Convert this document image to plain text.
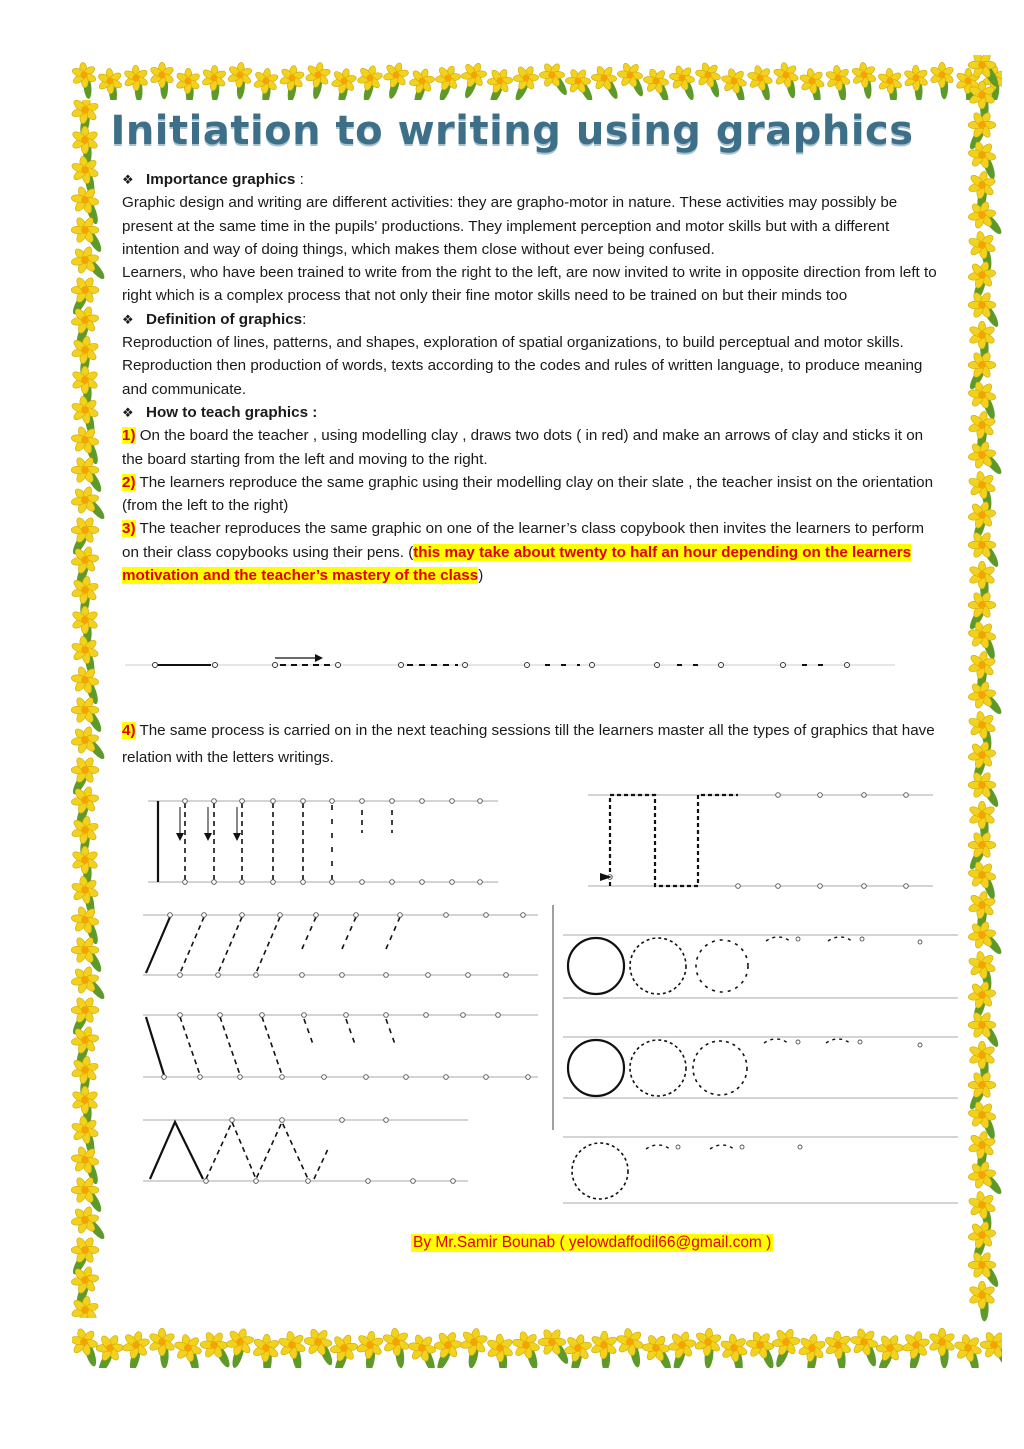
Initiation to writing using graphics

❖ Importance graphics :

Graphic design and writing are different activities: they are grapho-motor in nature. These activities may possibly be present at the same time in the pupils' productions. They implement perception and motor skills but with a different intention and way of doing things, which makes them close without ever being confused.

Learners, who have been trained to write from the right to the left, are now invited to write in opposite direction from left to right which is a complex process that not only their fine motor skills need to be trained on but their minds too

❖ Definition of graphics:

Reproduction of lines, patterns, and shapes, exploration of spatial organizations, to build perceptual and motor skills. Reproduction then production of words, texts according to the codes and rules of written language, to produce meaning and communicate.

❖ How to teach graphics :

1) On the board the teacher , using modelling clay , draws two dots ( in red) and make an arrows of clay and sticks it on the board starting from the left and moving to the right.

2) The learners reproduce the same graphic using their modelling clay on their slate , the teacher insist on the orientation (from the left to the right)

3) The teacher reproduces the same graphic on one of the learner’s class copybook then invites the learners to perform on their class copybooks using their pens. (this may take about twenty to half an hour depending on the learners motivation and the teacher’s mastery of the class)

4) The same process is carried on in the next teaching sessions till the learners master all the types of graphics that have relation with the letters writings.

By Mr.Samir Bounab ( yelowdaffodil66@gmail.com )
